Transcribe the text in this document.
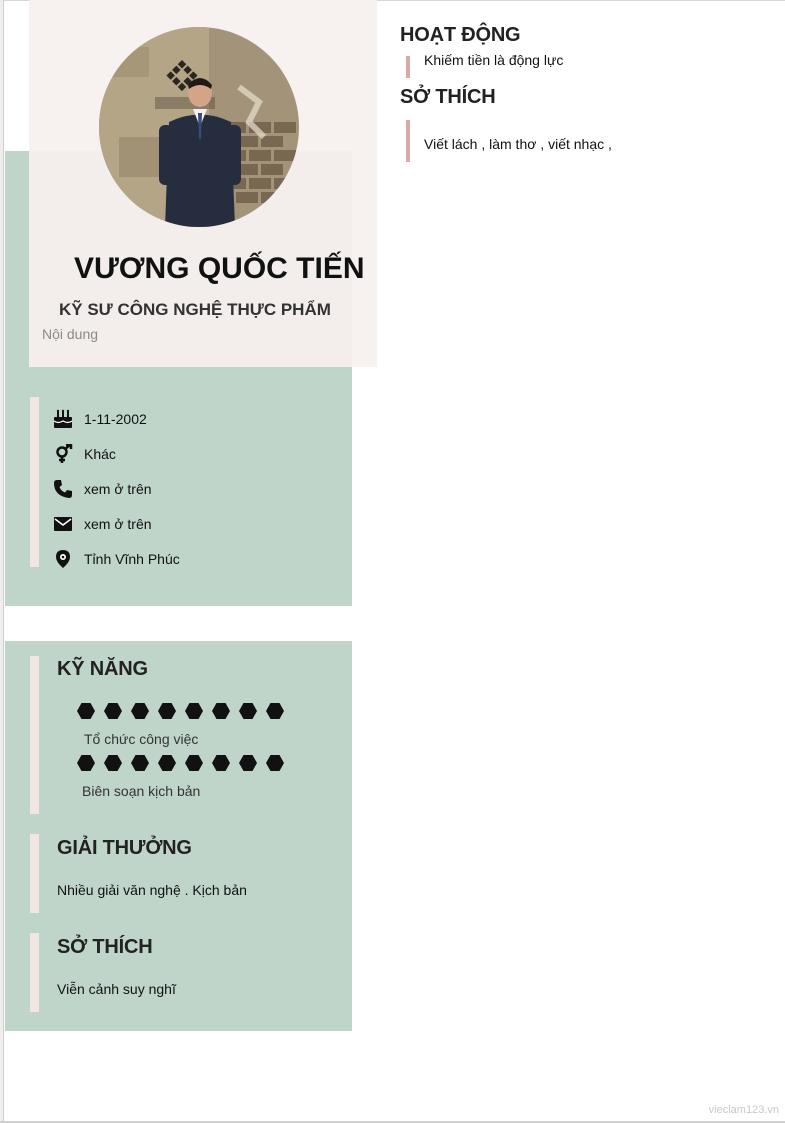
VƯƠNG QUỐC TIẾN
KỸ SƯ CÔNG NGHỆ THỰC PHẨM
Nội dung
1-11-2002
Khác
xem ở trên
xem ở trên
Tỉnh Vĩnh Phúc
KỸ NĂNG
Tổ chức công việc
Biên soạn kịch bản
GIẢI THƯỞNG
Nhiều giải văn nghệ . Kịch bản
SỞ THÍCH
Viễn cảnh suy nghĩ
HOẠT ĐỘNG
Khiếm tiền là động lực
SỞ THÍCH
Viết lách , làm thơ , viết nhạc ,
vieclam123.vn
